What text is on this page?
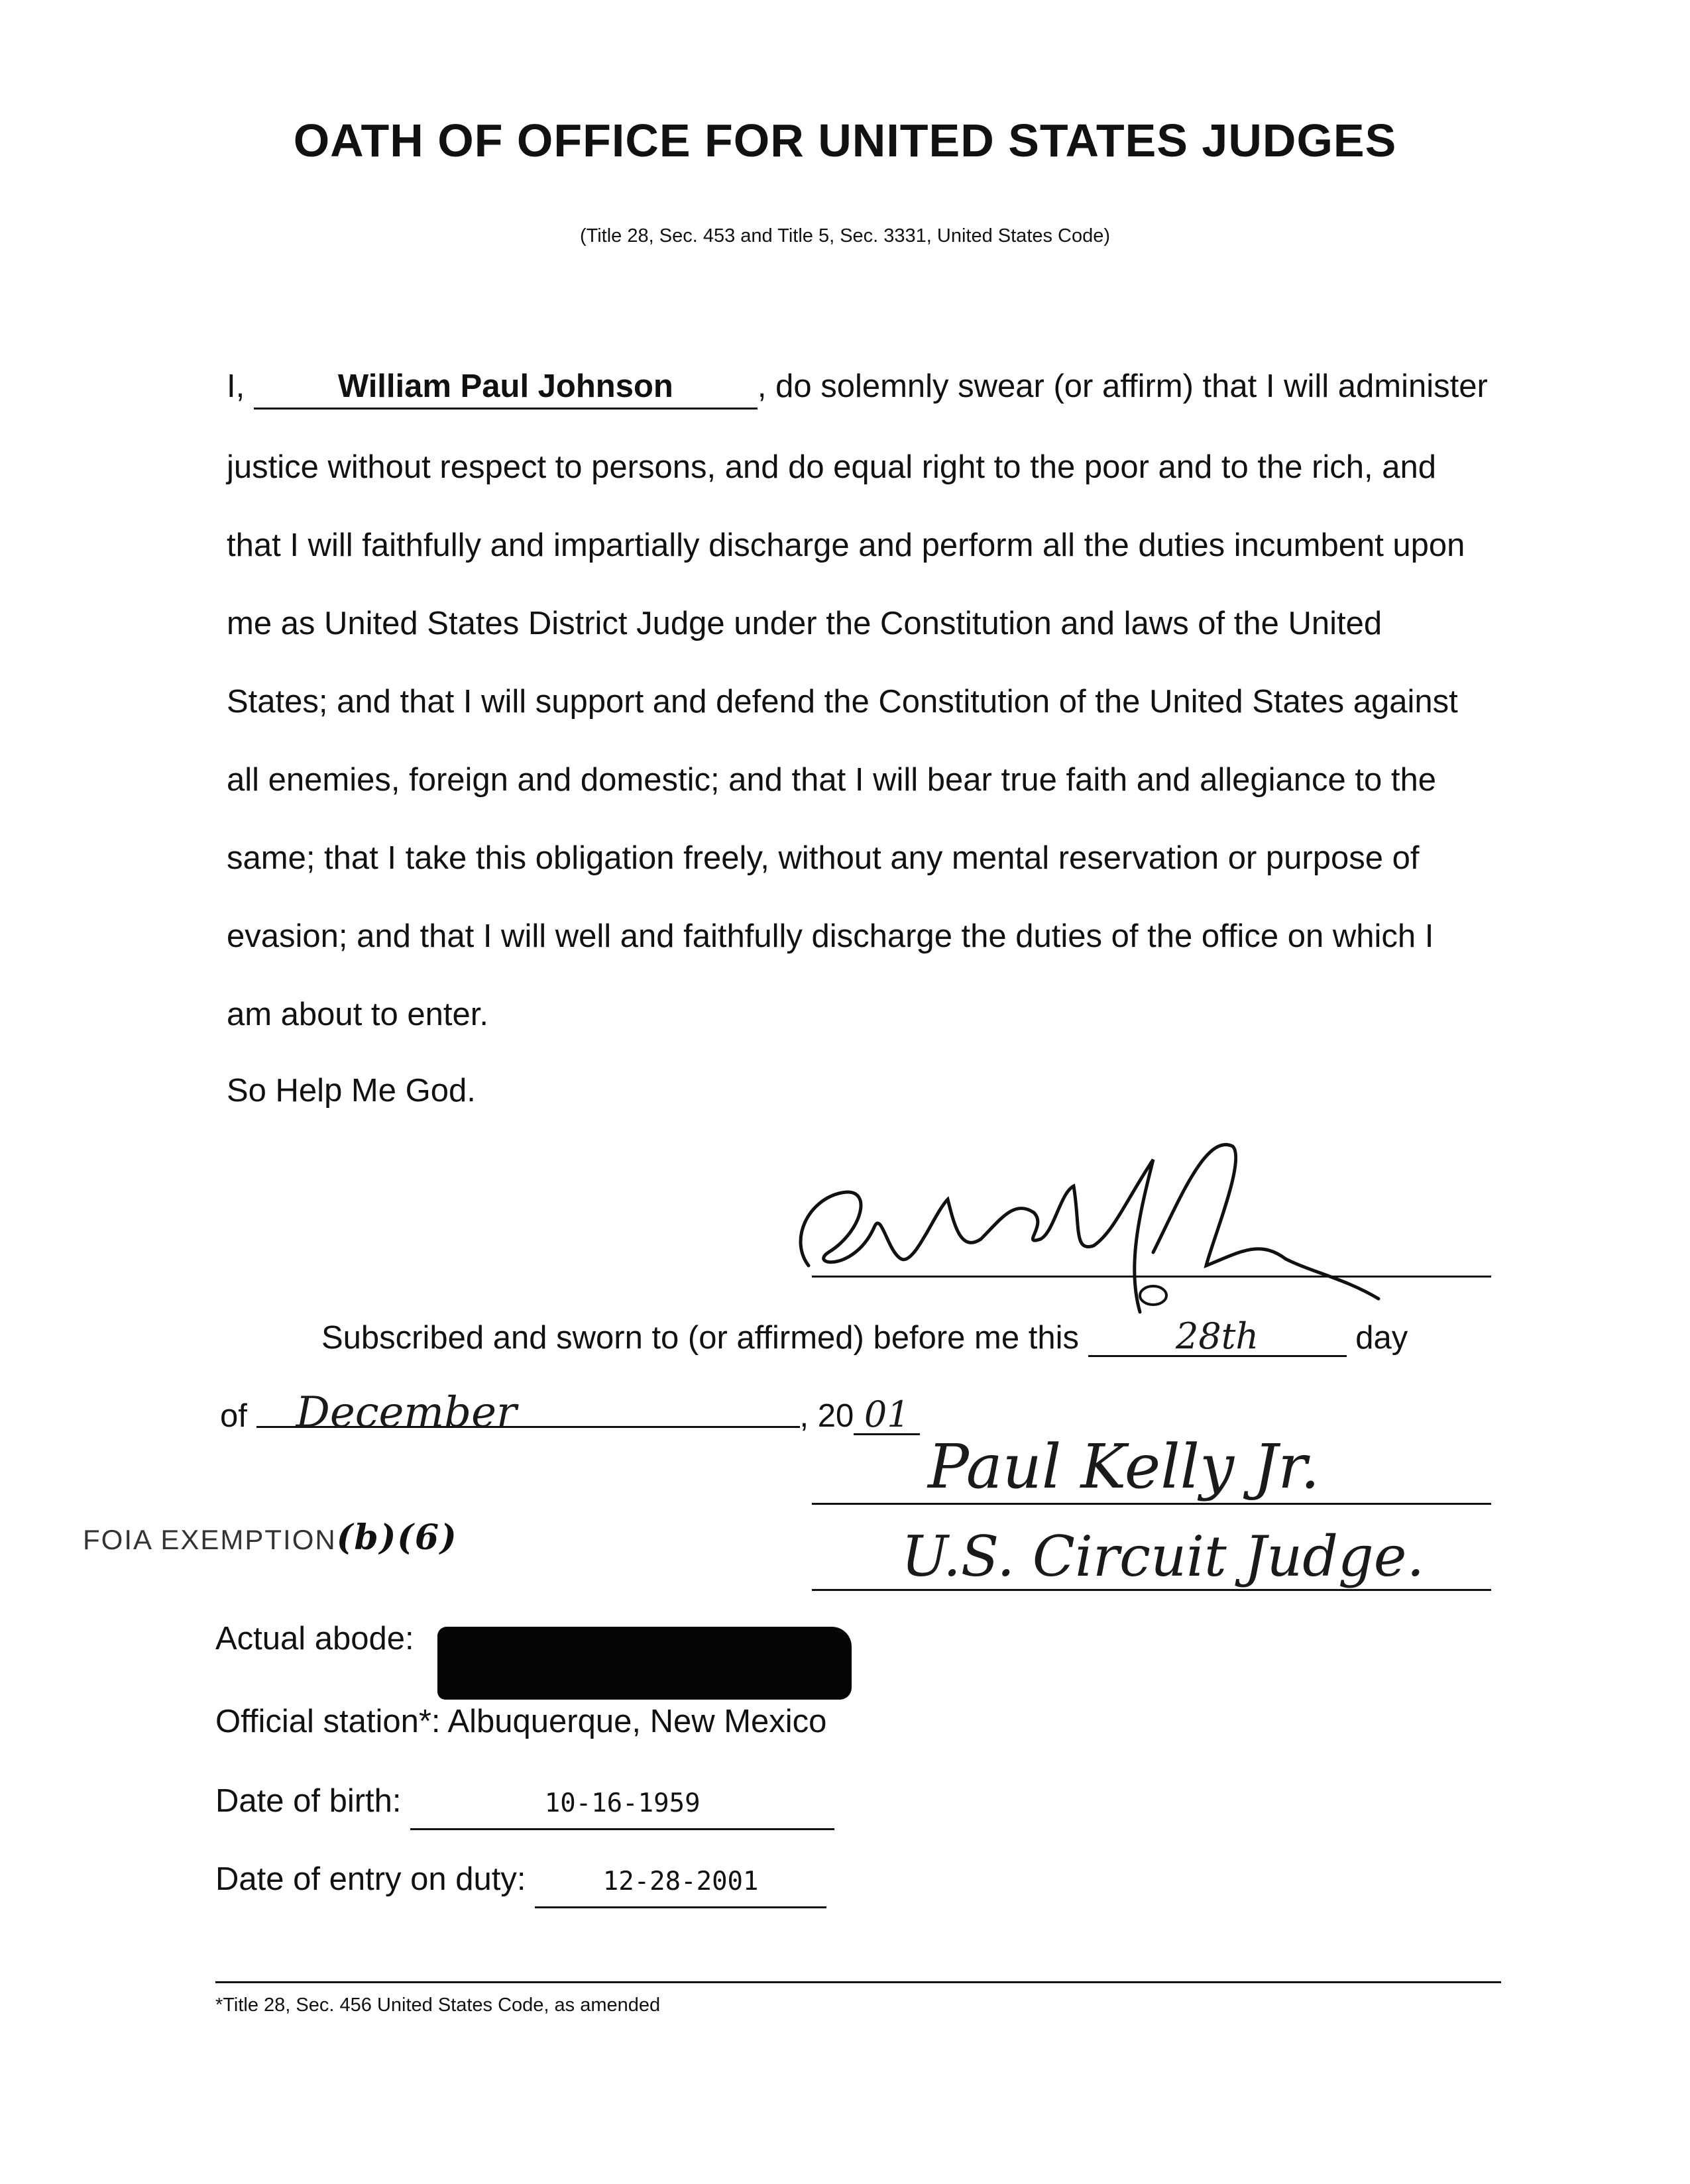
OATH OF OFFICE FOR UNITED STATES JUDGES

(Title 28, Sec. 453 and Title 5, Sec. 3331, United States Code)

I,	William Paul Johnson	, do solemnly swear (or affirm) that I will administer

justice without respect to persons, and do equal right to the poor and to the rich, and

that I will faithfully and impartially discharge and perform all the duties incumbent upon

me as United States District Judge under the Constitution and laws of the United

States; and that I will support and defend the Constitution of the United States against

all enemies, foreign and domestic; and that I will bear true faith and allegiance to the

same; that I take this obligation freely, without any mental reservation or purpose of

evasion; and that I will well and faithfully discharge the duties of the office on which I

am about to enter.

So Help Me God.

Subscribed and sworn to (or affirmed) before me this	28th	day
of December	, 20 01

Paul Kelly Jr.

U.S. Circuit Judge.

FOIA EXEMPTION(b)(6)

Actual abode:

Official station*: Albuquerque, New Mexico
Date of birth:	10-16-1959
Date of entry on duty:	12-28-2001

*Title 28, Sec. 456 United States Code, as amended
